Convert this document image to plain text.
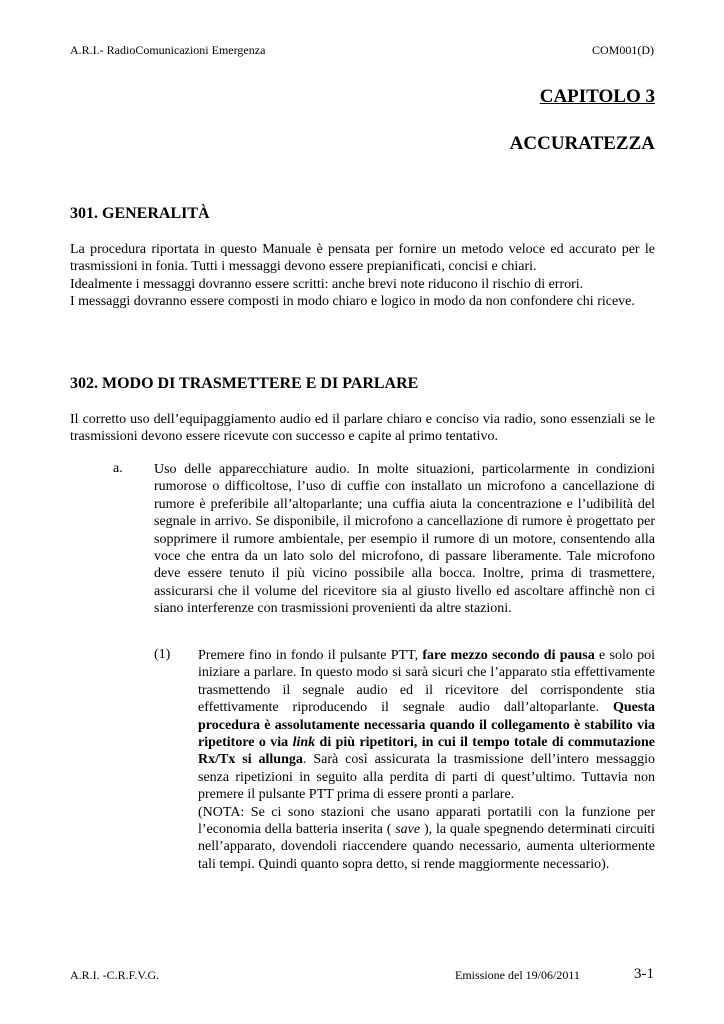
A.R.I.- RadioComunicazioni Emergenza	COM001(D)
CAPITOLO 3
ACCURATEZZA
301. GENERALITÀ

La procedura riportata in questo Manuale è pensata per fornire un metodo veloce ed accurato per le trasmissioni in fonia. Tutti i messaggi devono essere prepianificati, concisi e chiari.

Idealmente i messaggi dovranno essere scritti: anche brevi note riducono il rischio di errori.

I messaggi dovranno essere composti in modo chiaro e logico in modo da non confondere chi riceve.

302. MODO DI TRASMETTERE E DI PARLARE

Il corretto uso dell’equipaggiamento audio ed il parlare chiaro e conciso via radio, sono essenziali se le trasmissioni devono essere ricevute con successo e capite al primo tentativo.

a. Uso delle apparecchiature audio. In molte situazioni, particolarmente in condizioni rumorose o difficoltose, l’uso di cuffie con installato un microfono a cancellazione di rumore è preferibile all’altoparlante; una cuffia aiuta la concentrazione e l’udibilità del segnale in arrivo. Se disponibile, il microfono a cancellazione di rumore è progettato per sopprimere il rumore ambientale, per esempio il rumore di un motore, consentendo alla voce che entra da un lato solo del microfono, di passare liberamente. Tale microfono deve essere tenuto il più vicino possibile alla bocca. Inoltre, prima di trasmettere, assicurarsi che il volume del ricevitore sia al giusto livello ed ascoltare affinchè non ci siano interferenze con trasmissioni provenienti da altre stazioni.
(1) Premere fino in fondo il pulsante PTT, fare mezzo secondo di pausa e solo poi iniziare a parlare. In questo modo si sarà sicuri che l’apparato stia effettivamente trasmettendo il segnale audio ed il ricevitore del corrispondente stia effettivamente riproducendo il segnale audio dall’altoparlante. Questa procedura è assolutamente necessaria quando il collegamento è stabilito via ripetitore o via link di più ripetitori, in cui il tempo totale di commutazione Rx/Tx si allunga. Sarà così assicurata la trasmissione dell’intero messaggio senza ripetizioni in seguito alla perdita di parti di quest’ultimo. Tuttavia non premere il pulsante PTT prima di essere pronti a parlare.

(NOTA: Se ci sono stazioni che usano apparati portatili con la funzione per l’economia della batteria inserita ( save ), la quale spegnendo determinati circuiti nell’apparato, dovendoli riaccendere quando necessario, aumenta ulteriormente tali tempi. Quindi quanto sopra detto, si rende maggiormente necessario).

A.R.I. -C.R.F.V.G.	Emissione del 19/06/2011	3-1
